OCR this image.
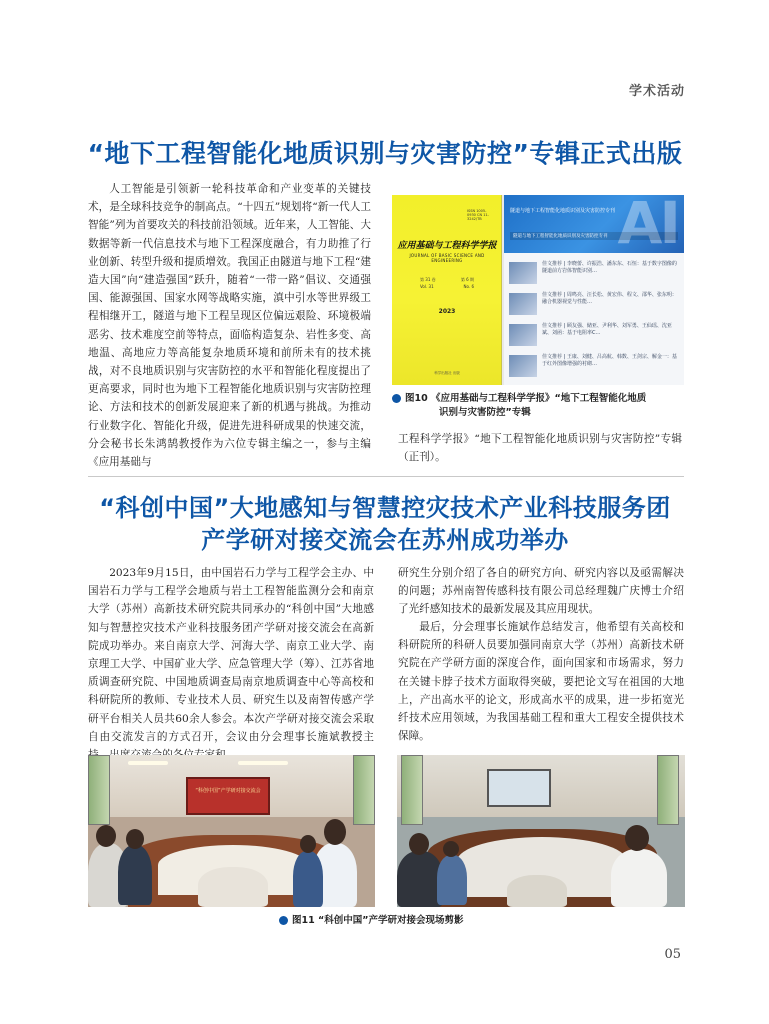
学术活动
“地下工程智能化地质识别与灾害防控”专辑正式出版

人工智能是引领新一轮科技革命和产业变革的关键技术，是全球科技竞争的制高点。“十四五”规划将“新一代人工智能”列为首要攻关的科技前沿领域。近年来，人工智能、大数据等新一代信息技术与地下工程深度融合，有力助推了行业创新、转型升级和提质增效。我国正由隧道与地下工程“建造大国”向“建造强国”跃升，随着“一带一路”倡议、交通强国、能源强国、国家水网等战略实施，滇中引水等世界级工程相继开工，隧道与地下工程呈现区位偏远艰险、环境极端恶劣、技术难度空前等特点，面临构造复杂、岩性多变、高地温、高地应力等高能复杂地质环境和前所未有的技术挑战，对不良地质识别与灾害防控的水平和智能化程度提出了更高要求，同时也为地下工程智能化地质识别与灾害防控理论、方法和技术的创新发展迎来了新的机遇与挑战。为推动行业数字化、智能化升级，促进先进科研成果的快速交流，分会秘书长朱鸿鹄教授作为六位专辑主编之一，参与主编《应用基础与

ISSN 1005-0930 CN 11-3242/TB
应用基础与工程科学学报
JOURNAL OF BASIC SCIENCE AND ENGINEERING
第 31 卷	第 6 期
Vol. 31	No. 6
2023
科学出版社 出版
AI
隧道与地下工程智能化地质识别及灾害防控专刊
隧道与地下工程智能化地质识别及灾害防控专刊
佳文推荐 | 李晓蕾、许振浩、潘东东、石恒：基于数字图像的隧道前方岩体智能识别…
佳文推荐 | 周鸣亮、汪长松、黄宏伟、程文、邵华、张东明：融合机器视觉与性能…
佳文推荐 | 顾友强、储亚、尹利华、刘军勇、王仙瑶、沈亚斌、刘函：基于电阻率C…
佳文推荐 | 王康、刘健、吕高航、韩数、王剑宗、解金一：基于红外图像增强的衬砌…
图10 《应用基础与工程科学学报》“地下工程智能化地质
识别与灾害防控”专辑

工程科学学报》“地下工程智能化地质识别与灾害防控”专辑（正刊）。

“科创中国”大地感知与智慧控灾技术产业科技服务团
产学研对接交流会在苏州成功举办

2023年9月15日，由中国岩石力学与工程学会主办、中国岩石力学与工程学会地质与岩土工程智能监测分会和南京大学（苏州）高新技术研究院共同承办的“科创中国”大地感知与智慧控灾技术产业科技服务团产学研对接交流会在高新院成功举办。来自南京大学、河海大学、南京工业大学、南京理工大学、中国矿业大学、应急管理大学（筹）、江苏省地质调查研究院、中国地质调查局南京地质调查中心等高校和科研院所的教师、专业技术人员、研究生以及南智传感产学研平台相关人员共60余人参会。本次产学研对接交流会采取自由交流发言的方式召开，会议由分会理事长施斌教授主

研究生分别介绍了各自的研究方向、研究内容以及亟需解决的问题；苏州南智传感科技有限公司总经理魏广庆博士介绍了光纤感知技术的最新发展及其应用现状。

最后，分会理事长施斌作总结发言，他希望有关高校和科研院所的科研人员要加强同南京大学（苏州）高新技术研究院在产学研方面的深度合作，面向国家和市场需求，努力在关键卡脖子技术方面取得突破，要把论文写在祖国的大地上，产出高水平的论文，形成高水平的成果，进一步拓宽光纤技术应用领域，为我国基础工程和重大工程安全提供技术保障。

“科创中国”产学研对接交流会
图11 “科创中国”产学研对接会现场剪影
05
